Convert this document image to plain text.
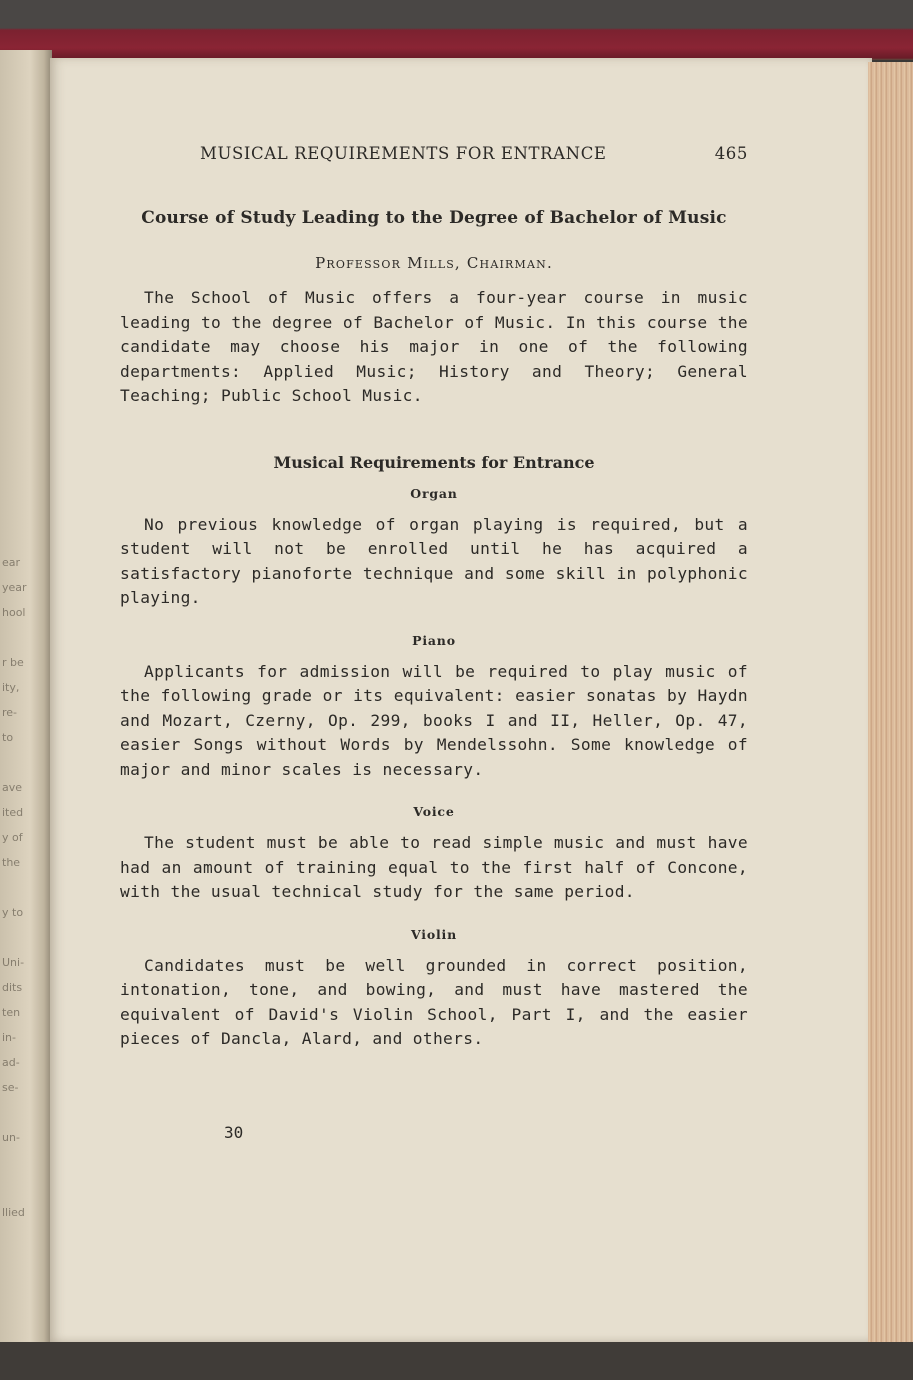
ear
year
hool

r be
ity,
re-
to

ave
ited
y of
the

y to

Uni-
dits
ten
in-
ad-
se-

un-

llied
MUSICAL REQUIREMENTS FOR ENTRANCE	465
Course of Study Leading to the Degree of Bachelor of Music
Professor Mills, Chairman.

The School of Music offers a four-year course in music leading to the degree of Bachelor of Music. In this course the candidate may choose his major in one of the following departments: Applied Music; History and Theory; General Teaching; Public School Music.

Musical Requirements for Entrance
Organ

No previous knowledge of organ playing is required, but a student will not be enrolled until he has acquired a satisfactory pianoforte technique and some skill in polyphonic playing.

Piano

Applicants for admission will be required to play music of the following grade or its equivalent: easier sonatas by Haydn and Mozart, Czerny, Op. 299, books I and II, Heller, Op. 47, easier Songs without Words by Mendelssohn. Some knowledge of major and minor scales is necessary.

Voice

The student must be able to read simple music and must have had an amount of training equal to the first half of Concone, with the usual technical study for the same period.

Violin

Candidates must be well grounded in correct position, intonation, tone, and bowing, and must have mastered the equivalent of David's Violin School, Part I, and the easier pieces of Dancla, Alard, and others.

30
